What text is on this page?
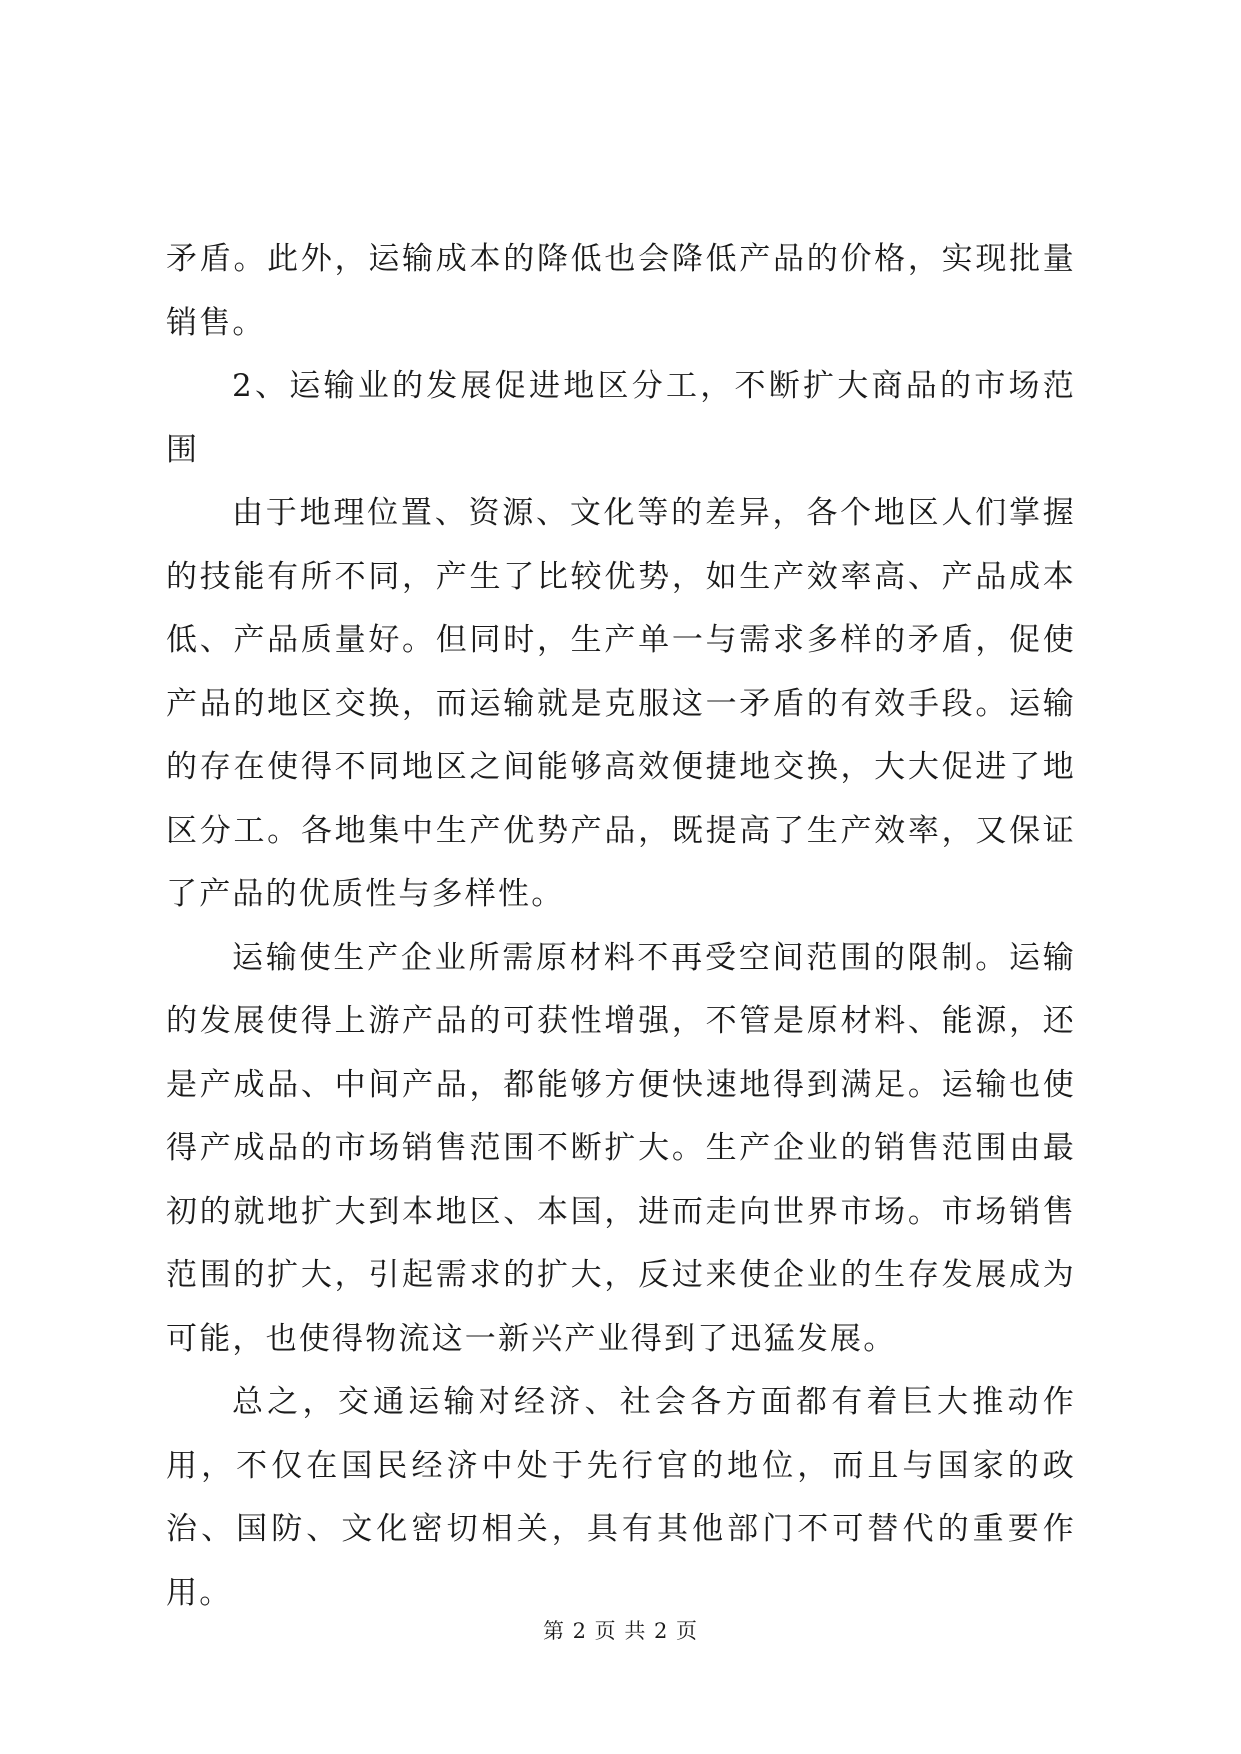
矛盾。此外，运输成本的降低也会降低产品的价格，实现批量销售。

2、运输业的发展促进地区分工，不断扩大商品的市场范围

由于地理位置、资源、文化等的差异，各个地区人们掌握的技能有所不同，产生了比较优势，如生产效率高、产品成本低、产品质量好。但同时，生产单一与需求多样的矛盾，促使产品的地区交换，而运输就是克服这一矛盾的有效手段。运输的存在使得不同地区之间能够高效便捷地交换，大大促进了地区分工。各地集中生产优势产品，既提高了生产效率，又保证了产品的优质性与多样性。

运输使生产企业所需原材料不再受空间范围的限制。运输的发展使得上游产品的可获性增强，不管是原材料、能源，还是产成品、中间产品，都能够方便快速地得到满足。运输也使得产成品的市场销售范围不断扩大。生产企业的销售范围由最初的就地扩大到本地区、本国，进而走向世界市场。市场销售范围的扩大，引起需求的扩大，反过来使企业的生存发展成为可能，也使得物流这一新兴产业得到了迅猛发展。

总之，交通运输对经济、社会各方面都有着巨大推动作用，不仅在国民经济中处于先行官的地位，而且与国家的政治、国防、文化密切相关，具有其他部门不可替代的重要作用。

第 2 页 共 2 页
